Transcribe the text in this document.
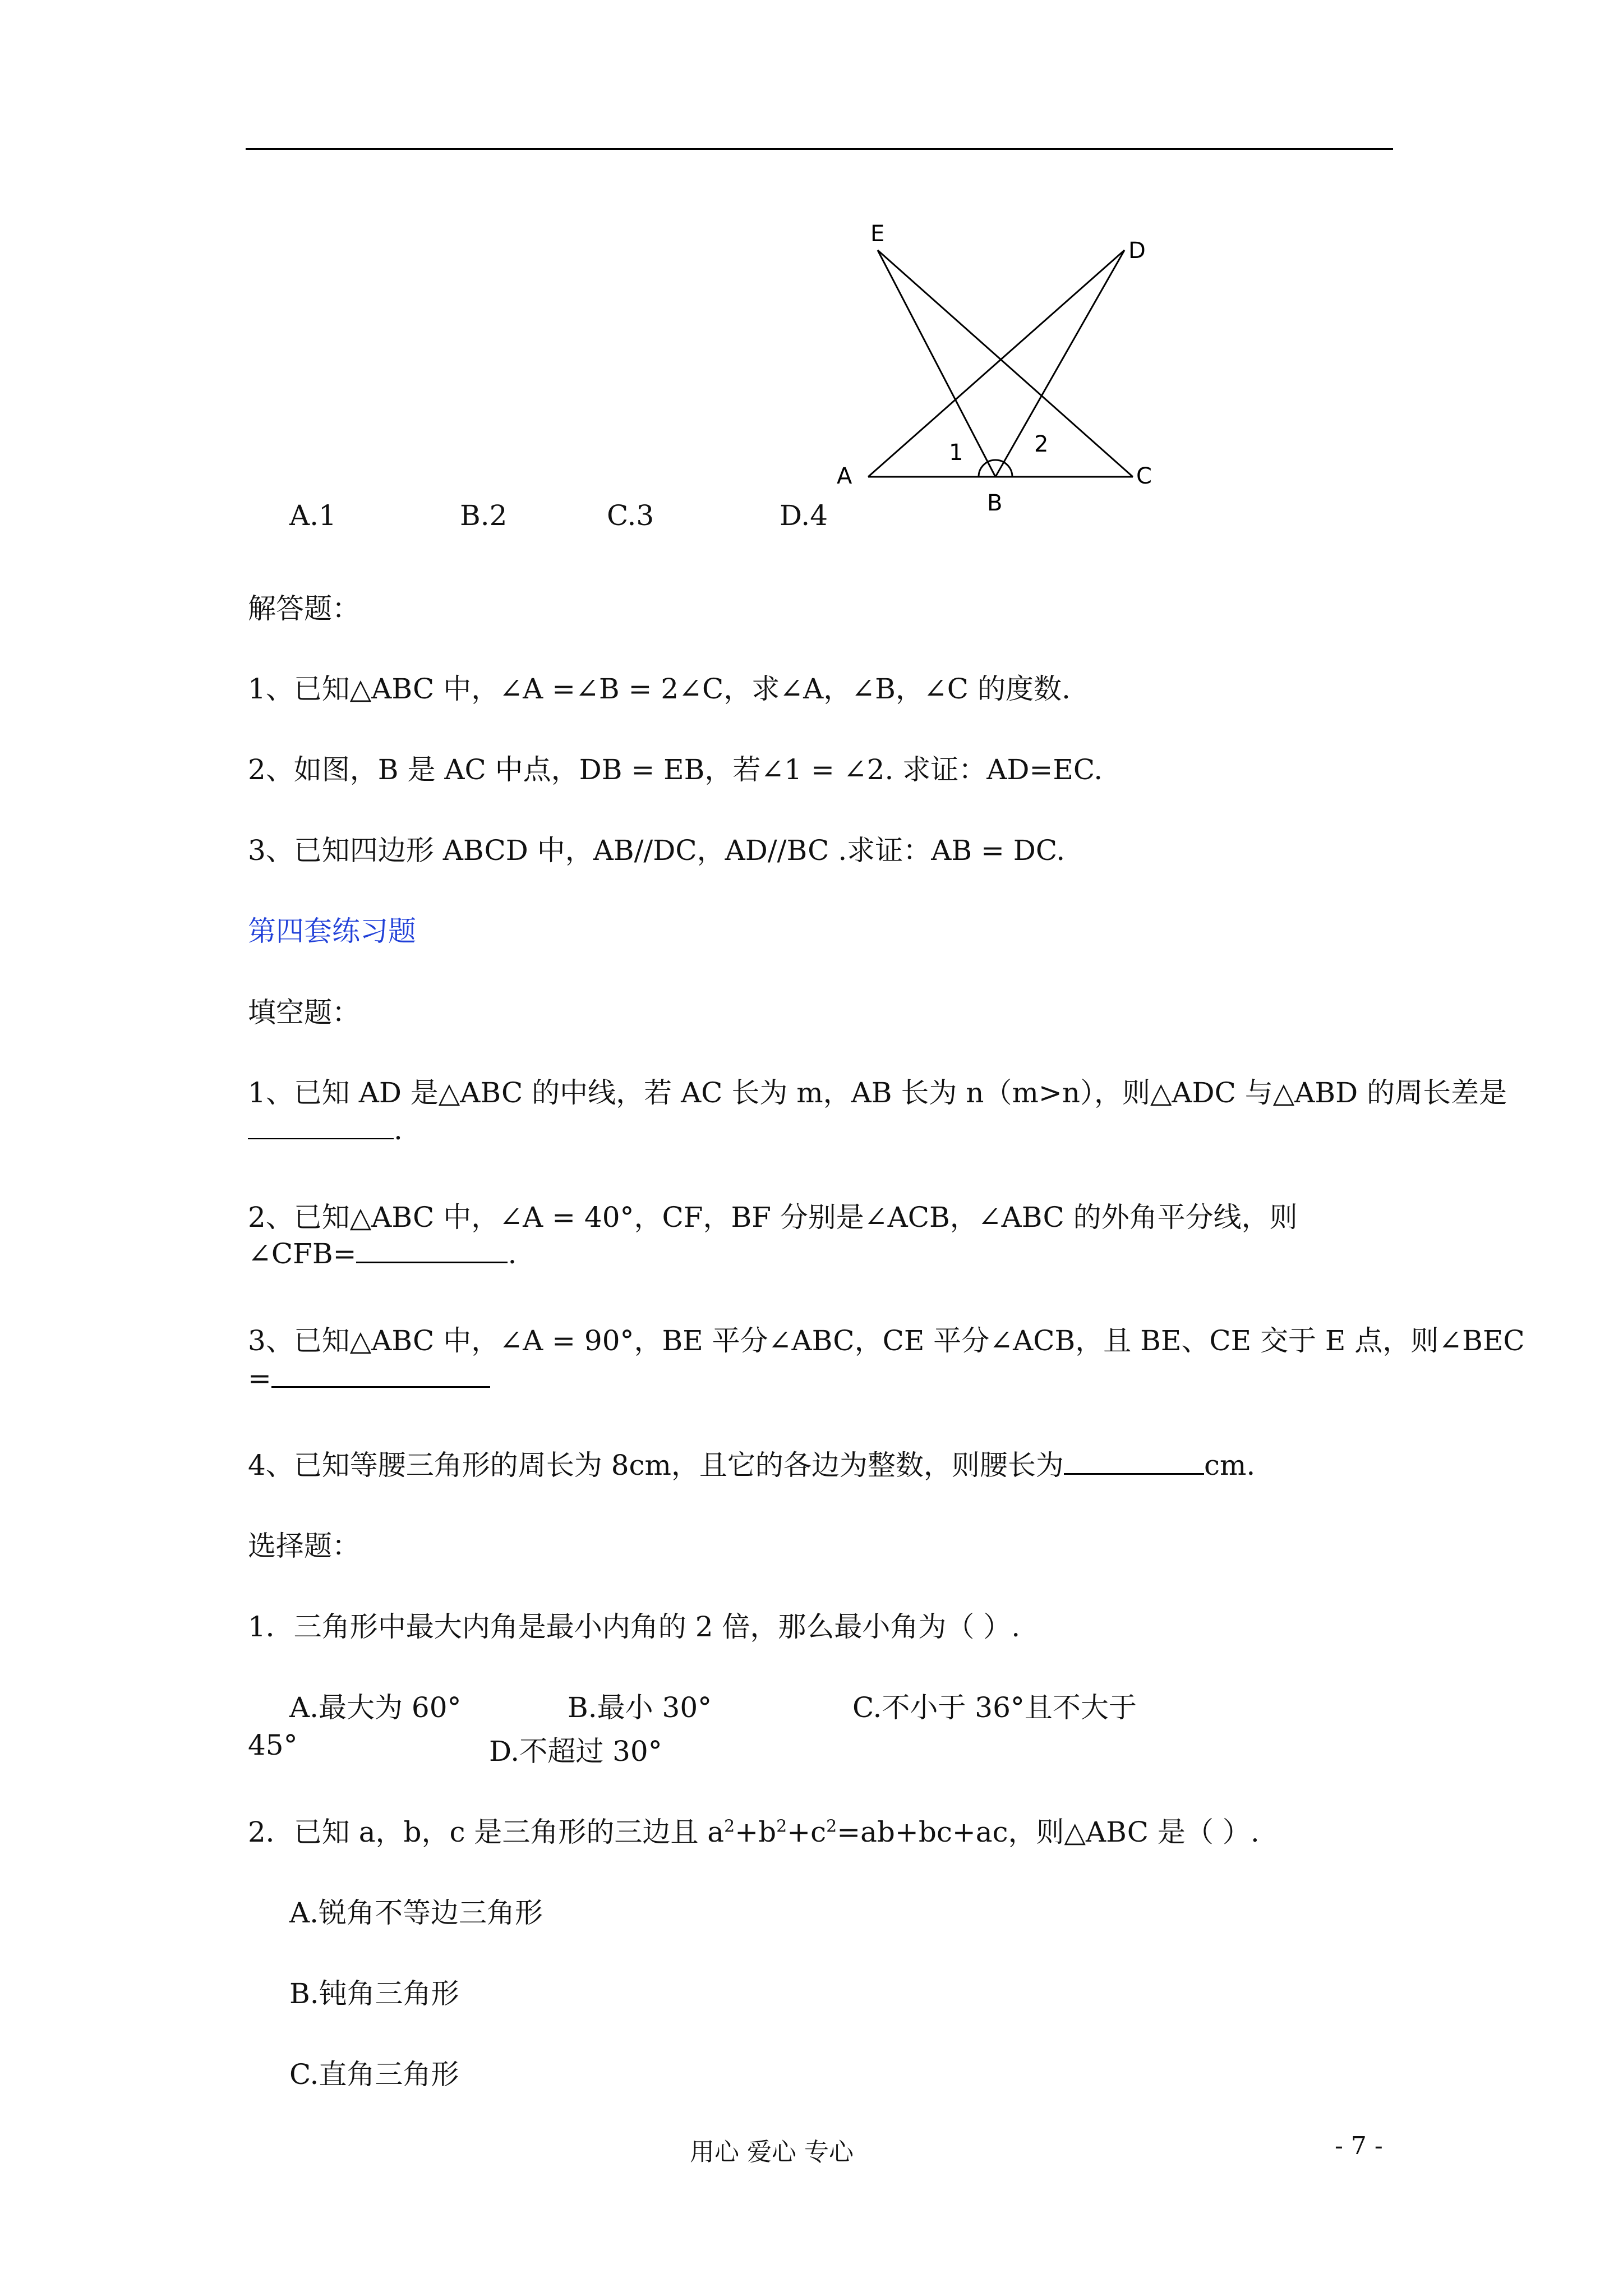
E
D
A
B
C
1	2
A.1	B.2	C.3	D.4
解答题：
1、已知△ABC 中，∠A =∠B = 2∠C，求∠A，∠B，∠C 的度数.
2、如图，B 是 AC 中点，DB = EB，若∠1 = ∠2. 求证：AD=EC.
3、已知四边形 ABCD 中，AB//DC，AD//BC .求证：AB = DC.
第四套练习题
填空题：
1、已知 AD 是△ABC 的中线，若 AC 长为 m，AB 长为 n（m>n），则△ADC 与△ABD 的周长差是
.
2、已知△ABC 中，∠A = 40°，CF，BF 分别是∠ACB，∠ABC 的外角平分线，则
∠CFB=	.
3、已知△ABC 中，∠A = 90°，BE 平分∠ABC，CE 平分∠ACB，且 BE、CE 交于 E 点，则∠BEC
=
4、已知等腰三角形的周长为 8cm，且它的各边为整数，则腰长为	cm.
选择题：
1．三角形中最大内角是最小内角的 2 倍，那么最小角为（ ）.
A.最大为 60°	B.最小 30°	C.不小于 36°且不大于
45°	D.不超过 30°
2．已知 a，b，c 是三角形的三边且 $a^2+b^2+c^2=ab+bc+ac$，则△ABC 是（ ）.
A.锐角不等边三角形
B.钝角三角形
C.直角三角形
用心 爱心 专心	- 7 -
